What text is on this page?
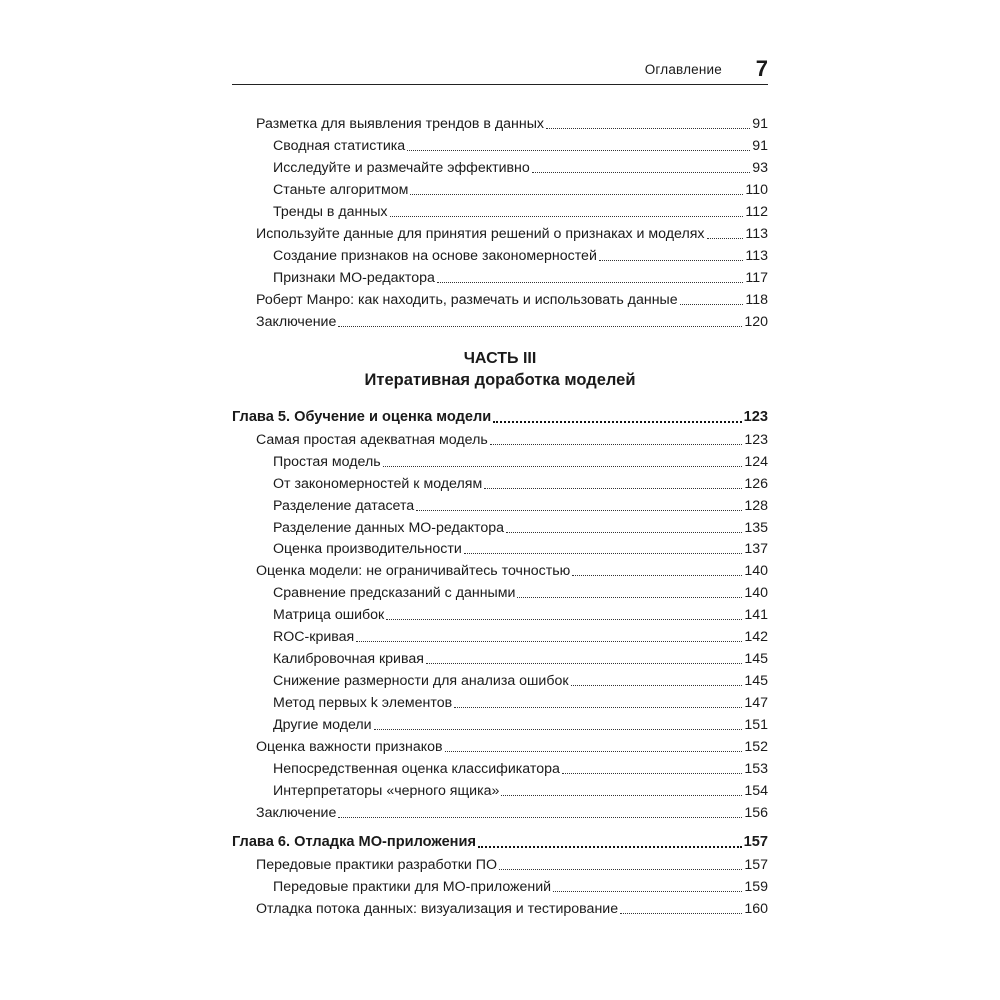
Оглавление 7
Разметка для выявления трендов в данных	91
Сводная статистика	91
Исследуйте и размечайте эффективно	93
Станьте алгоритмом	110
Тренды в данных	112
Используйте данные для принятия решений о признаках и моделях	113
Создание признаков на основе закономерностей	113
Признаки МО-редактора	117
Роберт Манро: как находить, размечать и использовать данные	118
Заключение	120
ЧАСТЬ III
Итеративная доработка моделей
Глава 5. Обучение и оценка модели	123
Самая простая адекватная модель	123
Простая модель	124
От закономерностей к моделям	126
Разделение датасета	128
Разделение данных МО-редактора	135
Оценка производительности	137
Оценка модели: не ограничивайтесь точностью	140
Сравнение предсказаний с данными	140
Матрица ошибок	141
ROC-кривая	142
Калибровочная кривая	145
Снижение размерности для анализа ошибок	145
Метод первых k элементов	147
Другие модели	151
Оценка важности признаков	152
Непосредственная оценка классификатора	153
Интерпретаторы «черного ящика»	154
Заключение	156
Глава 6. Отладка МО-приложения	157
Передовые практики разработки ПО	157
Передовые практики для МО-приложений	159
Отладка потока данных: визуализация и тестирование	160
